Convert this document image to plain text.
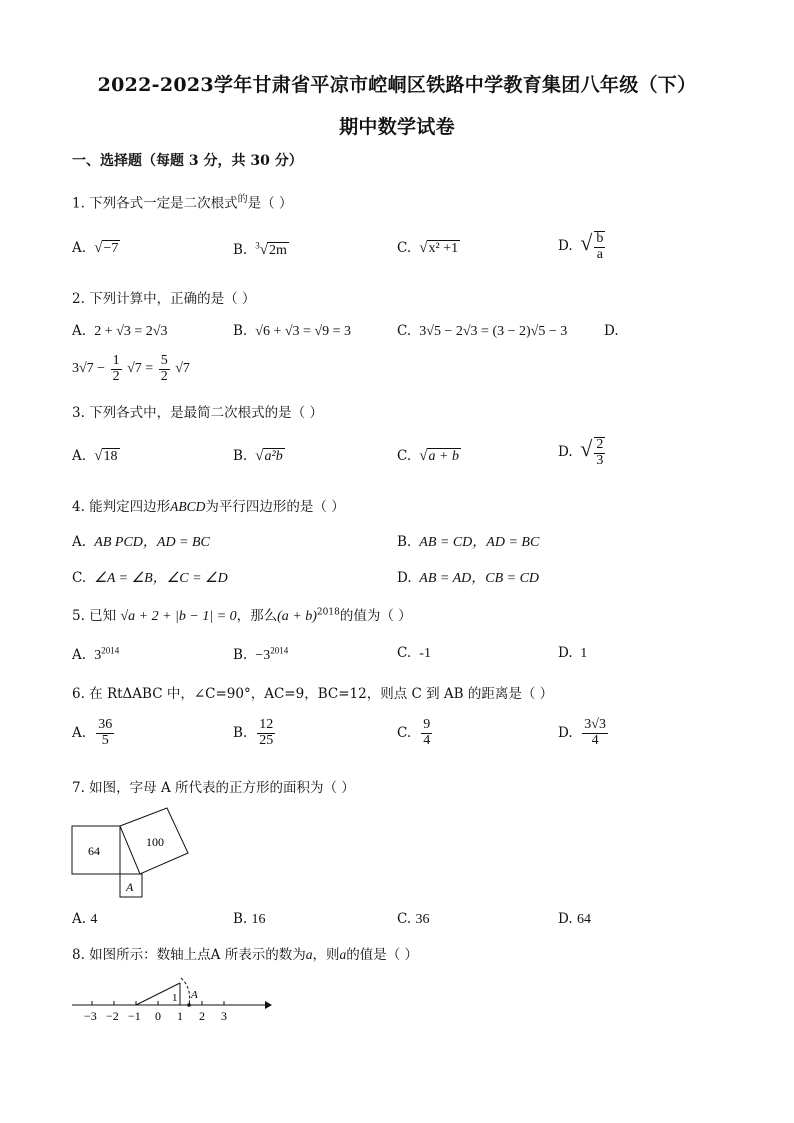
2022-2023学年甘肃省平凉市崆峒区铁路中学教育集团八年级（下）
期中数学试卷
一、选择题（每题 3 分，共 30 分）
1. 下列各式一定是二次根式$^的$是（ ）
A. √−7	B. $^3$√2m	C. √x² +1	D. √ $\frac{b}{a}$
2. 下列计算中，正确的是（ ）
A. 2 + √3 = 2√3	B. √6 + √3 = √9 = 3	C. 3√5 − 2√3 = (3 − 2)√5 − 3	D.
$3√7 - \frac{1}{2} √7 = \frac{5}{2} √7$
3. 下列各式中，是最简二次根式的是（ ）
A. √18	B. √a²b	C. √a + b	D. √ $\frac{2}{3}$
4. 能判定四边形ABCD为平行四边形的是（ ）
A. AB PCD，AD = BC	B. AB = CD，AD = BC
C. ∠A = ∠B，∠C = ∠D	D. AB = AD，CB = CD
5. 已知 √a + 2 + |b − 1| = 0，那么$(a + b)^{2018}$的值为（ ）
A. $3^{2014}$	B. $-3^{2014}$	C. -1	D. 1
6. 在 RtΔABC 中，∠C=90°，AC=9，BC=12，则点 C 到 AB 的距离是（ ）
A. $\frac{36}{5}$	B. $\frac{12}{25}$	C. $\frac{9}{4}$	D. $\frac{3√3}{4}$
7. 如图，字母 A 所代表的正方形的面积为（ ）
64
100
A
A. 4	B. 16	C. 36	D. 64
8. 如图所示：数轴上点A 所表示的数为a，则a的值是（ ）
−3 −2 −1 0 1 2 3
1 A
